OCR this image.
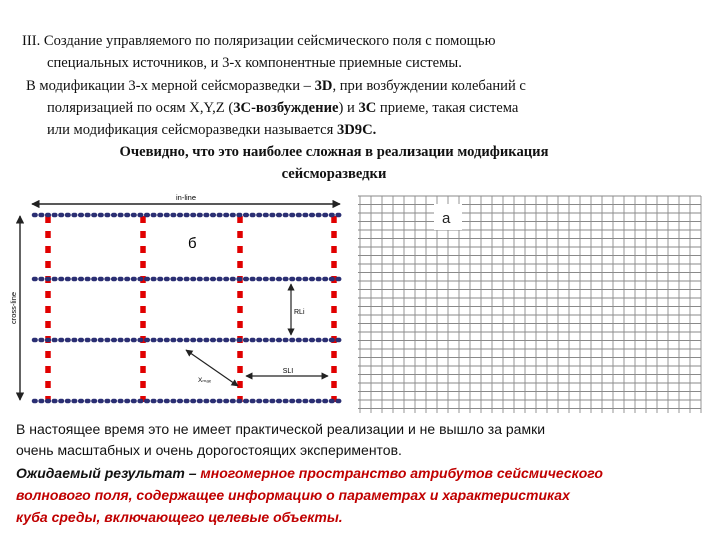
III. Создание управляемого по поляризации сейсмического поля с помощью

специальных источников, и 3-х компонентные приемные системы.

В модификации 3-х мерной сейсморазведки – 3D, при возбуждении колебаний с

поляризацией по осям X,Y,Z (3C-возбуждение) и 3C приеме, такая система

или модификация сейсморазведки называется 3D9C.

Очевидно, что это наиболее сложная в реализации модификация

сейсморазведки

in-line
cross-line
б
RLi
Xₘₐₓ
SLI
a

В настоящее время это не имеет практической реализации и не вышло за рамки

очень масштабных и очень дорогостоящих экспериментов.

Ожидаемый результат – многомерное пространство атрибутов сейсмического

волнового поля, содержащее информацию о параметрах и характеристиках

куба среды, включающего целевые объекты.
